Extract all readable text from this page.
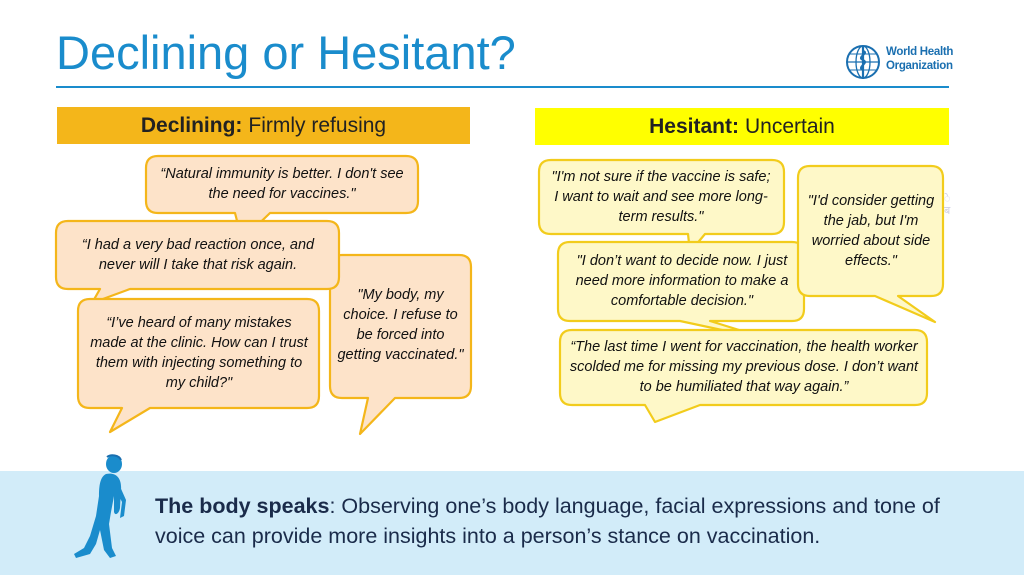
Declining or Hesitant?	World Health
Organization
Declining: Firmly refusing	Hesitant: Uncertain
“Natural immunity is better. I don't see the need for vaccines."
“I had a very bad reaction once, and never will I take that risk again.
"My body, my choice. I refuse to be forced into getting vaccinated."
“I’ve heard of many mistakes made at the clinic. How can I trust them with injecting something to my child?"
"I'm not sure if the vaccine is safe; I want to wait and see more long-term results."
"I'd consider getting the jab, but I'm worried about side effects."
"I don’t want to decide now. I just need more information to make a comfortable decision."
“The last time I went for vaccination, the health worker scolded me for missing my previous dose. I don’t want to be humiliated that way again.”
े
ब
The body speaks: Observing one’s body language, facial expressions and tone of voice can provide more insights into a person’s stance on vaccination.
